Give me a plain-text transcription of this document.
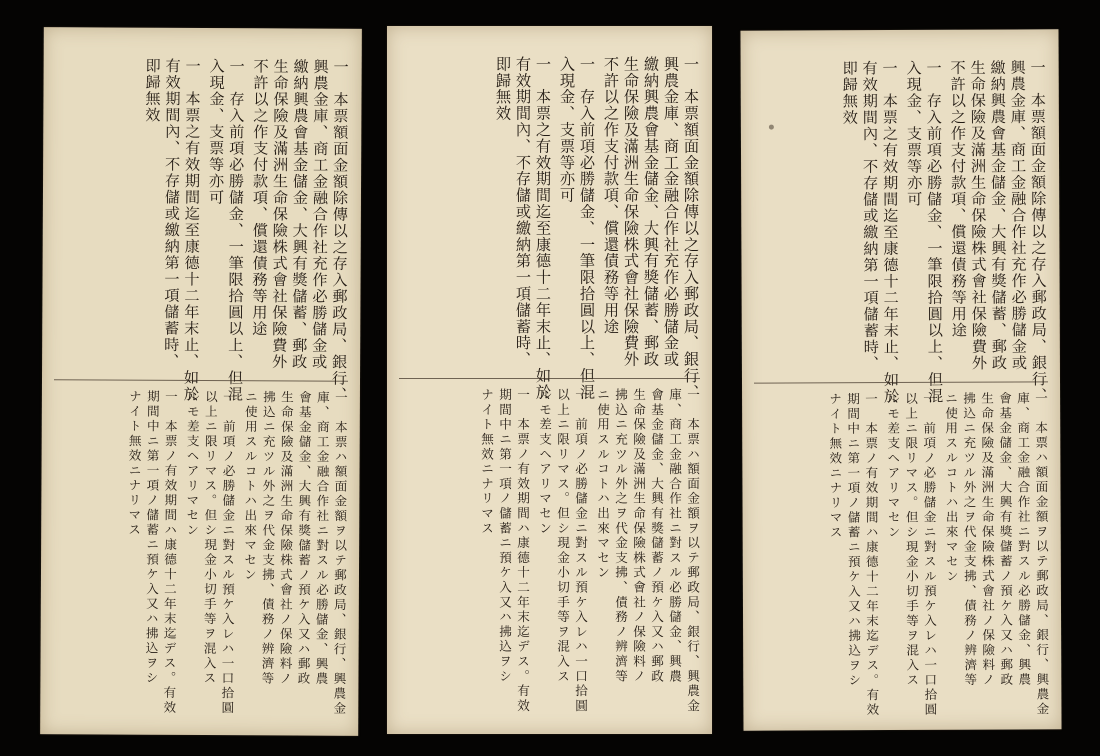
一　本票額面金額除傳以之存入郵政局、銀行、
興農金庫、商工金融合作社充作必勝儲金或
繳納興農會基金儲金、大興有獎儲蓄、郵政
生命保險及滿洲生命保險株式會社保險費外
不許以之作支付款項、償還債務等用途
一　存入前項必勝儲金、一筆限拾圓以上、但混
入現金、支票等亦可
一　本票之有效期間迄至康德十二年末止、如於
有效期間內、不存儲或繳納第一項儲蓄時、
即歸無效
一　本票ハ額面金額ヲ以テ郵政局、銀行、興農金
庫、商工金融合作社ニ對スル必勝儲金、興農
會基金儲金、大興有獎儲蓄ノ預ケ入又ハ郵政
生命保險及滿洲生命保險株式會社ノ保險料ノ
拂込ニ充ツル外之ヲ代金支拂、債務ノ辨濟等
ニ使用スルコトハ出來マセン
一　前項ノ必勝儲金ニ對スル預ケ入レハ一口拾圓
以上ニ限リマス。但シ現金小切手等ヲ混入ス
ルモ差支ヘアリマセン
一　本票ノ有效期間ハ康德十二年末迄デス。有效
期間中ニ第一項ノ儲蓄ニ預ケ入又ハ拂込ヲシ
ナイト無效ニナリマス
一　本票額面金額除傳以之存入郵政局、銀行、
興農金庫、商工金融合作社充作必勝儲金或
繳納興農會基金儲金、大興有獎儲蓄、郵政
生命保險及滿洲生命保險株式會社保險費外
不許以之作支付款項、償還債務等用途
一　存入前項必勝儲金、一筆限拾圓以上、但混
入現金、支票等亦可
一　本票之有效期間迄至康德十二年末止、如於
有效期間內、不存儲或繳納第一項儲蓄時、
即歸無效
一　本票ハ額面金額ヲ以テ郵政局、銀行、興農金
庫、商工金融合作社ニ對スル必勝儲金、興農
會基金儲金、大興有獎儲蓄ノ預ケ入又ハ郵政
生命保險及滿洲生命保險株式會社ノ保險料ノ
拂込ニ充ツル外之ヲ代金支拂、債務ノ辨濟等
ニ使用スルコトハ出來マセン
一　前項ノ必勝儲金ニ對スル預ケ入レハ一口拾圓
以上ニ限リマス。但シ現金小切手等ヲ混入ス
ルモ差支ヘアリマセン
一　本票ノ有效期間ハ康德十二年末迄デス。有效
期間中ニ第一項ノ儲蓄ニ預ケ入又ハ拂込ヲシ
ナイト無效ニナリマス
一　本票額面金額除傳以之存入郵政局、銀行、
興農金庫、商工金融合作社充作必勝儲金或
繳納興農會基金儲金、大興有獎儲蓄、郵政
生命保險及滿洲生命保險株式會社保險費外
不許以之作支付款項、償還債務等用途
一　存入前項必勝儲金、一筆限拾圓以上、但混
入現金、支票等亦可
一　本票之有效期間迄至康德十二年末止、如於
有效期間內、不存儲或繳納第一項儲蓄時、
即歸無效
一　本票ハ額面金額ヲ以テ郵政局、銀行、興農金
庫、商工金融合作社ニ對スル必勝儲金、興農
會基金儲金、大興有獎儲蓄ノ預ケ入又ハ郵政
生命保險及滿洲生命保險株式會社ノ保險料ノ
拂込ニ充ツル外之ヲ代金支拂、債務ノ辨濟等
ニ使用スルコトハ出來マセン
一　前項ノ必勝儲金ニ對スル預ケ入レハ一口拾圓
以上ニ限リマス。但シ現金小切手等ヲ混入ス
ルモ差支ヘアリマセン
一　本票ノ有效期間ハ康德十二年末迄デス。有效
期間中ニ第一項ノ儲蓄ニ預ケ入又ハ拂込ヲシ
ナイト無效ニナリマス
